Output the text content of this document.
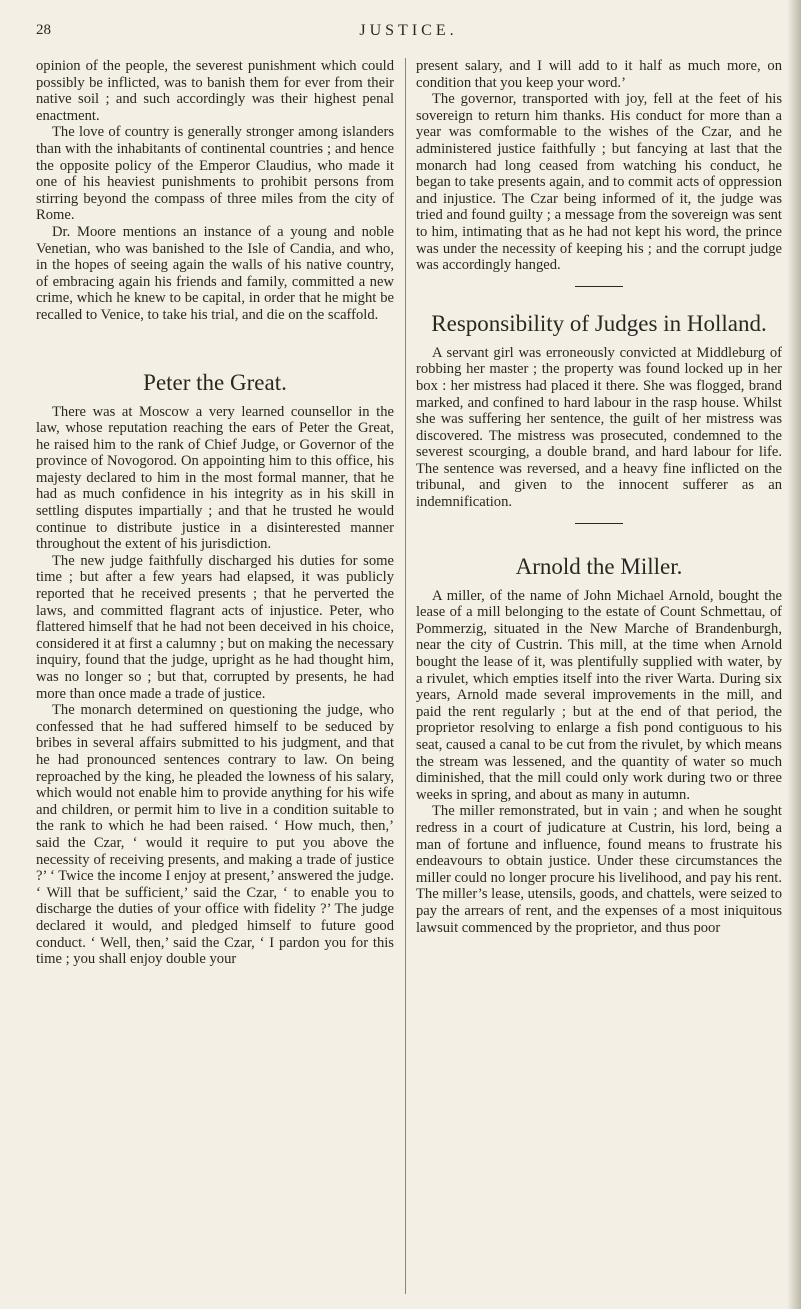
28	JUSTICE.

opinion of the people, the severest punishment which could possibly be inflicted, was to banish them for ever from their native soil ; and such accordingly was their highest penal enactment.

The love of country is generally stronger among islanders than with the inhabitants of continental countries ; and hence the opposite policy of the Emperor Claudius, who made it one of his heaviest punishments to prohibit persons from stirring beyond the compass of three miles from the city of Rome.

Dr. Moore mentions an instance of a young and noble Venetian, who was banished to the Isle of Candia, and who, in the hopes of seeing again the walls of his native country, of embracing again his friends and family, committed a new crime, which he knew to be capital, in order that he might be recalled to Venice, to take his trial, and die on the scaffold.

Peter the Great.

There was at Moscow a very learned counsellor in the law, whose reputation reaching the ears of Peter the Great, he raised him to the rank of Chief Judge, or Governor of the province of Novogorod. On appointing him to this office, his majesty declared to him in the most formal manner, that he had as much confidence in his integrity as in his skill in settling disputes impartially ; and that he trusted he would continue to distribute justice in a disinterested manner throughout the extent of his jurisdiction.

The new judge faithfully discharged his duties for some time ; but after a few years had elapsed, it was publicly reported that he received presents ; that he perverted the laws, and committed flagrant acts of injustice. Peter, who flattered himself that he had not been deceived in his choice, considered it at first a calumny ; but on making the necessary inquiry, found that the judge, upright as he had thought him, was no longer so ; but that, corrupted by presents, he had more than once made a trade of justice.

The monarch determined on questioning the judge, who confessed that he had suffered himself to be seduced by bribes in several affairs submitted to his judgment, and that he had pronounced sentences contrary to law. On being reproached by the king, he pleaded the lowness of his salary, which would not enable him to provide anything for his wife and children, or permit him to live in a condition suitable to the rank to which he had been raised. ‘ How much, then,’ said the Czar, ‘ would it require to put you above the necessity of receiving presents, and making a trade of justice ?’ ‘ Twice the income I enjoy at present,’ answered the judge. ‘ Will that be sufficient,’ said the Czar, ‘ to enable you to discharge the duties of your office with fidelity ?’ The judge declared it would, and pledged himself to future good conduct. ‘ Well, then,’ said the Czar, ‘ I pardon you for this time ; you shall enjoy double your

present salary, and I will add to it half as much more, on condition that you keep your word.’

The governor, transported with joy, fell at the feet of his sovereign to return him thanks. His conduct for more than a year was comformable to the wishes of the Czar, and he administered justice faithfully ; but fancying at last that the monarch had long ceased from watching his conduct, he began to take presents again, and to commit acts of oppression and injustice. The Czar being informed of it, the judge was tried and found guilty ; a message from the sovereign was sent to him, intimating that as he had not kept his word, the prince was under the necessity of keeping his ; and the corrupt judge was accordingly hanged.

Responsibility of Judges in Holland.

A servant girl was erroneously convicted at Middleburg of robbing her master ; the property was found locked up in her box : her mistress had placed it there. She was flogged, brand marked, and confined to hard labour in the rasp house. Whilst she was suffering her sentence, the guilt of her mistress was discovered. The mistress was prosecuted, condemned to the severest scourging, a double brand, and hard labour for life. The sentence was reversed, and a heavy fine inflicted on the tribunal, and given to the innocent sufferer as an indemnification.

Arnold the Miller.

A miller, of the name of John Michael Arnold, bought the lease of a mill belonging to the estate of Count Schmettau, of Pommerzig, situated in the New Marche of Brandenburgh, near the city of Custrin. This mill, at the time when Arnold bought the lease of it, was plentifully supplied with water, by a rivulet, which empties itself into the river Warta. During six years, Arnold made several improvements in the mill, and paid the rent regularly ; but at the end of that period, the proprietor resolving to enlarge a fish pond contiguous to his seat, caused a canal to be cut from the rivulet, by which means the stream was lessened, and the quantity of water so much diminished, that the mill could only work during two or three weeks in spring, and about as many in autumn.

The miller remonstrated, but in vain ; and when he sought redress in a court of judicature at Custrin, his lord, being a man of fortune and influence, found means to frustrate his endeavours to obtain justice. Under these circumstances the miller could no longer procure his livelihood, and pay his rent. The miller’s lease, utensils, goods, and chattels, were seized to pay the arrears of rent, and the expenses of a most iniquitous lawsuit commenced by the proprietor, and thus poor
